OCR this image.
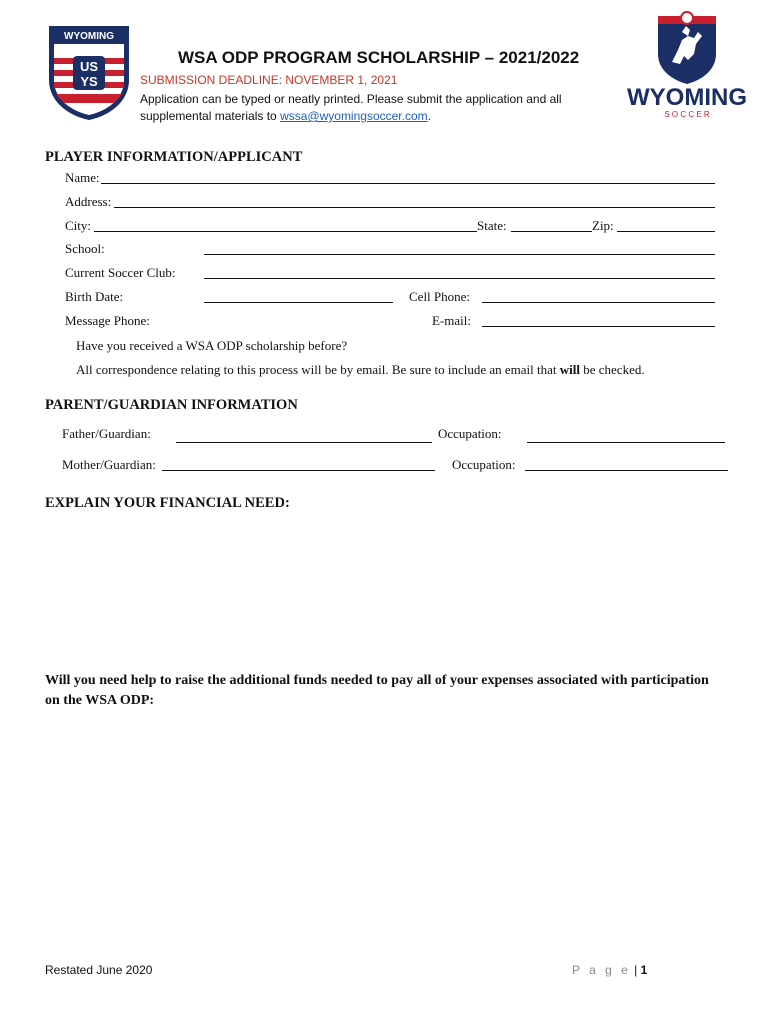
US
YS
WYOMING
WYOMING
S O C C E R
WSA ODP PROGRAM SCHOLARSHIP – 2021/2022
SUBMISSION DEADLINE: NOVEMBER 1, 2021
Application can be typed or neatly printed. Please submit the application and all supplemental materials to wssa@wyomingsoccer.com.
PLAYER INFORMATION/APPLICANT
Name:
Address:
City:	State:	Zip:
School:
Current Soccer Club:
Birth Date:	Cell Phone:
Message Phone:	E-mail:
Have you received a WSA ODP scholarship before?
All correspondence relating to this process will be by email. Be sure to include an email that will be checked.
PARENT/GUARDIAN INFORMATION
Father/Guardian:	Occupation:
Mother/Guardian:	Occupation:
EXPLAIN YOUR FINANCIAL NEED:
Will you need help to raise the additional funds needed to pay all of your expenses associated with participation on the WSA ODP:
Restated June 2020	P a g e | 1
